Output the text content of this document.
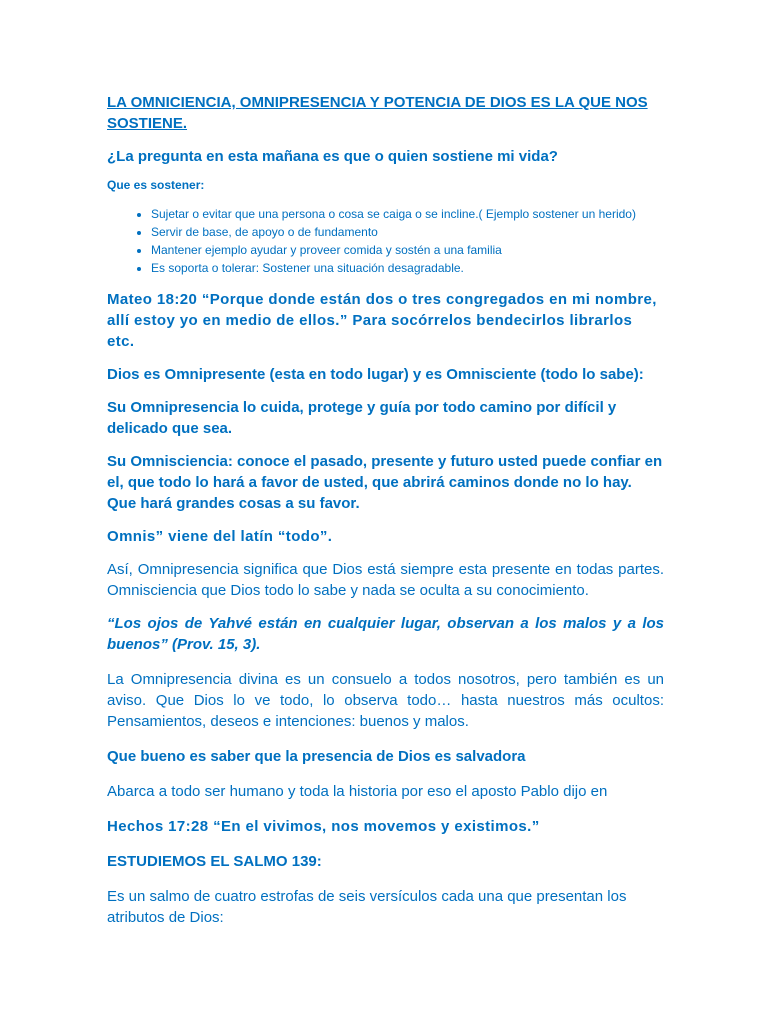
LA OMNICIENCIA, OMNIPRESENCIA Y POTENCIA DE DIOS ES LA QUE NOS SOSTIENE.
¿La pregunta en esta mañana es que o quien sostiene mi vida?
Que es sostener:
• Sujetar o evitar que una persona o cosa se caiga o se incline.( Ejemplo sostener un herido)
• Servir de base, de apoyo o de fundamento
• Mantener ejemplo ayudar y proveer comida y sostén a una familia
• Es soporta o tolerar: Sostener una situación desagradable.

Mateo 18:20 “Porque donde están dos o tres congregados en mi nombre, allí estoy yo en medio de ellos.” Para socórrelos bendecirlos librarlos etc.

Dios es Omnipresente (esta en todo lugar) y es Omnisciente (todo lo sabe):

Su Omnipresencia lo cuida, protege y guía por todo camino por difícil y delicado que sea.

Su Omnisciencia: conoce el pasado, presente y futuro usted puede confiar en el, que todo lo hará a favor de usted, que abrirá caminos donde no lo hay. Que hará grandes cosas a su favor.

Omnis” viene del latín “todo”.

Así, Omnipresencia significa que Dios está siempre esta presente en todas partes. Omnisciencia que Dios todo lo sabe y nada se oculta a su conocimiento.

“Los ojos de Yahvé están en cualquier lugar, observan a los malos y a los buenos” (Prov. 15, 3).

La Omnipresencia divina es un consuelo a todos nosotros, pero también es un aviso. Que Dios lo ve todo, lo observa todo… hasta nuestros más ocultos: Pensamientos, deseos e intenciones: buenos y malos.

Que bueno es saber que la presencia de Dios es salvadora

Abarca a todo ser humano y toda la historia por eso el aposto Pablo dijo en

Hechos 17:28 “En el vivimos, nos movemos y existimos.”

ESTUDIEMOS EL SALMO 139:

Es un salmo de cuatro estrofas de seis versículos cada una que presentan los atributos de Dios:
